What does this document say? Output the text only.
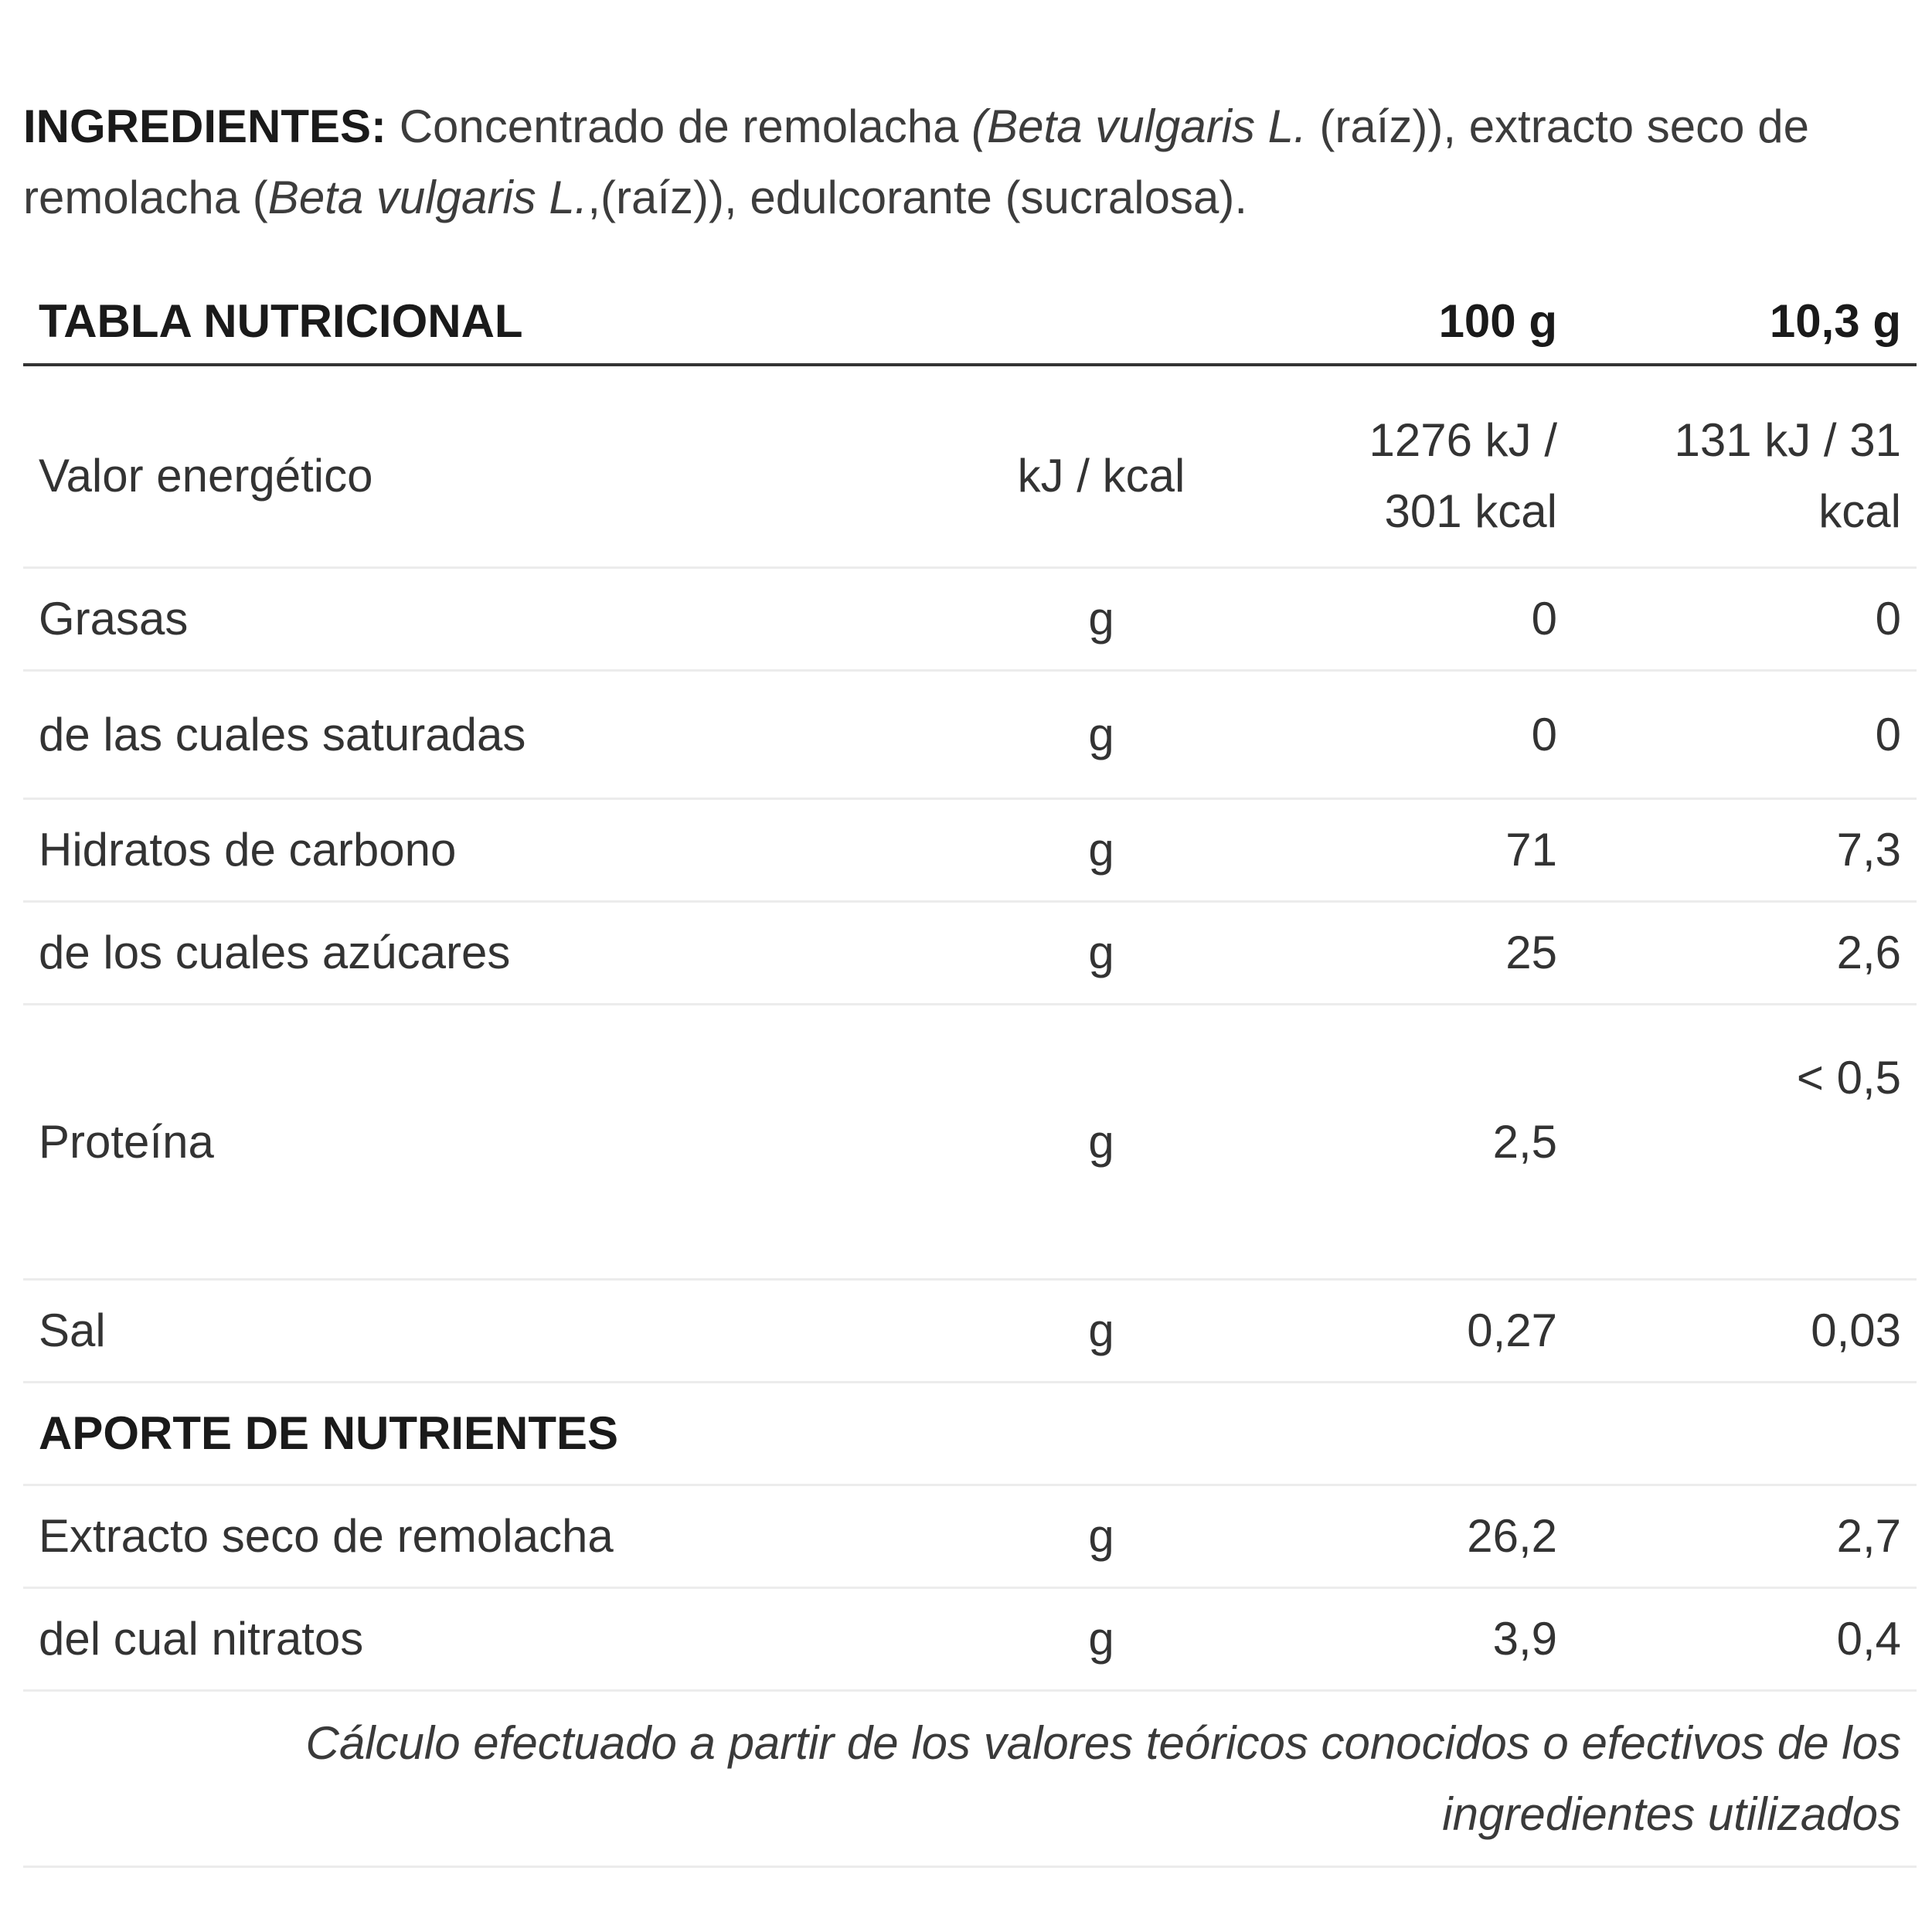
INGREDIENTES: Concentrado de remolacha (Beta vulgaris L. (raíz)), extracto seco de remolacha (Beta vulgaris L.,(raíz)), edulcorante (sucralosa).
TABLA NUTRICIONAL		100 g	10,3 g
Valor energético	kJ / kcal	1276 kJ / 301 kcal	131 kJ / 31 kcal
Grasas	g	0	0
de las cuales saturadas	g	0	0
Hidratos de carbono	g	71	7,3
de los cuales azúcares	g	25	2,6
Proteína	g	2,5	< 0,5
Sal	g	0,27	0,03
APORTE DE NUTRIENTES			
Extracto seco de remolacha	g	26,2	2,7
del cual nitratos	g	3,9	0,4
Cálculo efectuado a partir de los valores teóricos conocidos o efectivos de los ingredientes utilizados			
